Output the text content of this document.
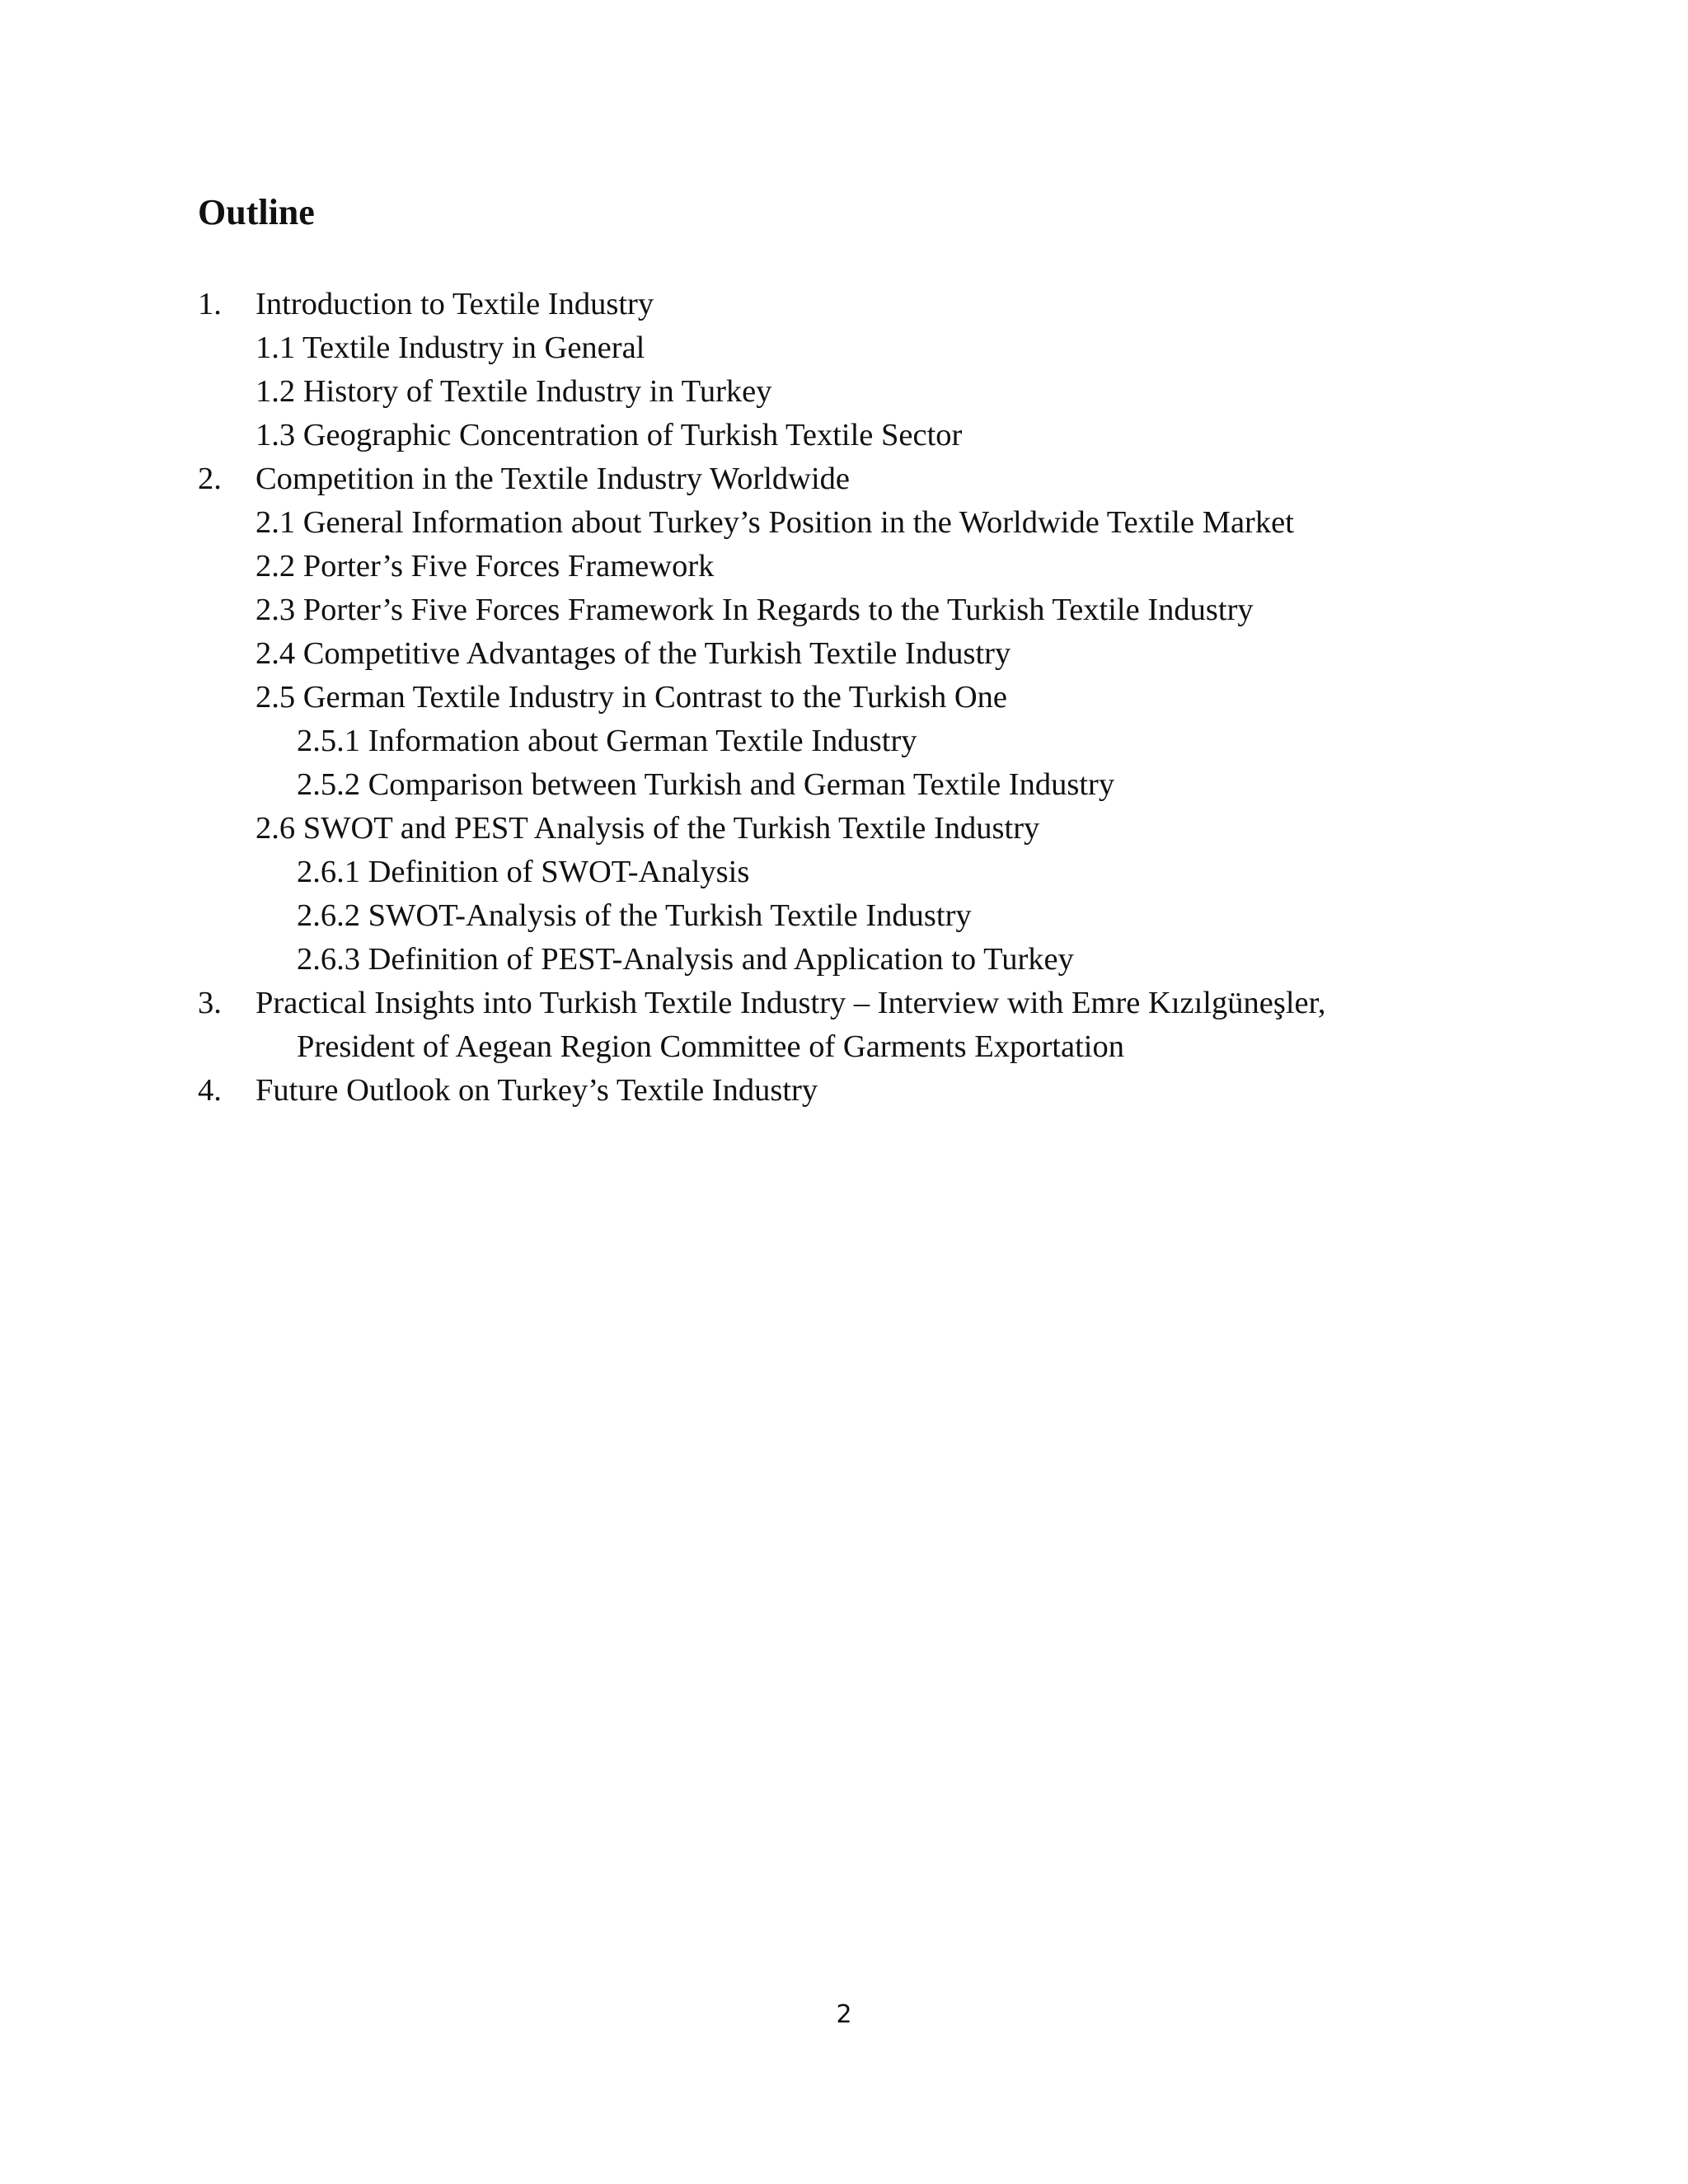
Outline
1. Introduction to Textile Industry
1.1 Textile Industry in General
1.2 History of Textile Industry in Turkey
1.3 Geographic Concentration of Turkish Textile Sector
2. Competition in the Textile Industry Worldwide
2.1 General Information about Turkey’s Position in the Worldwide Textile Market
2.2 Porter’s Five Forces Framework
2.3 Porter’s Five Forces Framework In Regards to the Turkish Textile Industry
2.4 Competitive Advantages of the Turkish Textile Industry
2.5 German Textile Industry in Contrast to the Turkish One
2.5.1 Information about German Textile Industry
2.5.2 Comparison between Turkish and German Textile Industry
2.6 SWOT and PEST Analysis of the Turkish Textile Industry
2.6.1 Definition of SWOT-Analysis
2.6.2 SWOT-Analysis of the Turkish Textile Industry
2.6.3 Definition of PEST-Analysis and Application to Turkey
3. Practical Insights into Turkish Textile Industry – Interview with Emre Kızılgüneşler,
President of Aegean Region Committee of Garments Exportation
4. Future Outlook on Turkey’s Textile Industry
2
